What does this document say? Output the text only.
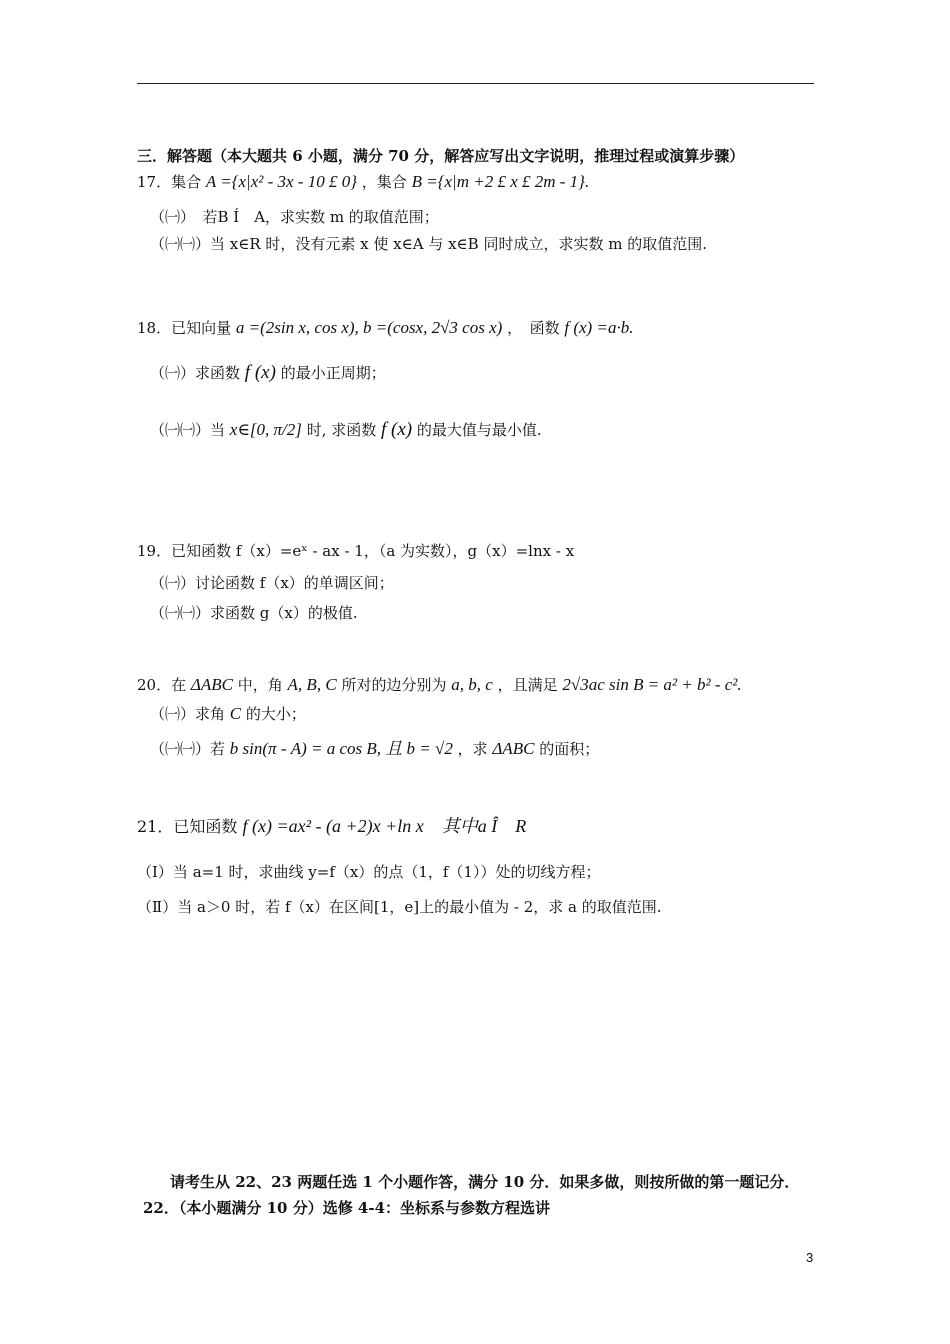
三．解答题（本大题共 6 小题，满分 70 分，解答应写出文字说明，推理过程或演算步骤）
17．集合 A ={x|x² - 3x - 10 £ 0} ，集合 B ={x|m +2 £ x £ 2m - 1}.
（㈠）　若B Í　A，求实数 m 的取值范围；
（㈠㈠）当 x∈R 时，没有元素 x 使 x∈A 与 x∈B 同时成立，求实数 m 的取值范围.
18．已知向量 a =(2sin x, cos x), b =(cosx, 2√3 cos x) ，　函数 f (x) =a·b.
（㈠）求函数 f (x) 的最小正周期；
（㈠㈠）当 x∈[0, π/2] 时, 求函数 f (x) 的最大值与最小值.
19．已知函数 f（x）=eˣ - ax - 1，（a 为实数），g（x）=lnx - x
（㈠）讨论函数 f（x）的单调区间；
（㈠㈠）求函数 g（x）的极值.
20．在 ΔABC 中，角 A, B, C 所对的边分别为 a, b, c ，且满足 2√3ac sin B = a² + b² - c².
（㈠）求角 C 的大小；
（㈠㈠）若 b sin(π - A) = a cos B, 且 b = √2 ，求 ΔABC 的面积；
21．已知函数 f (x) =ax² - (a +2)x +ln x　其中a Î　R
（Ⅰ）当 a=1 时，求曲线 y=f（x）的点（1，f（1））处的切线方程；
（Ⅱ）当 a＞0 时，若 f（x）在区间[1，e]上的最小值为 - 2，求 a 的取值范围.
请考生从 22、23 两题任选 1 个小题作答，满分 10 分．如果多做，则按所做的第一题记分．
22．（本小题满分 10 分）选修 4-4：坐标系与参数方程选讲
3
